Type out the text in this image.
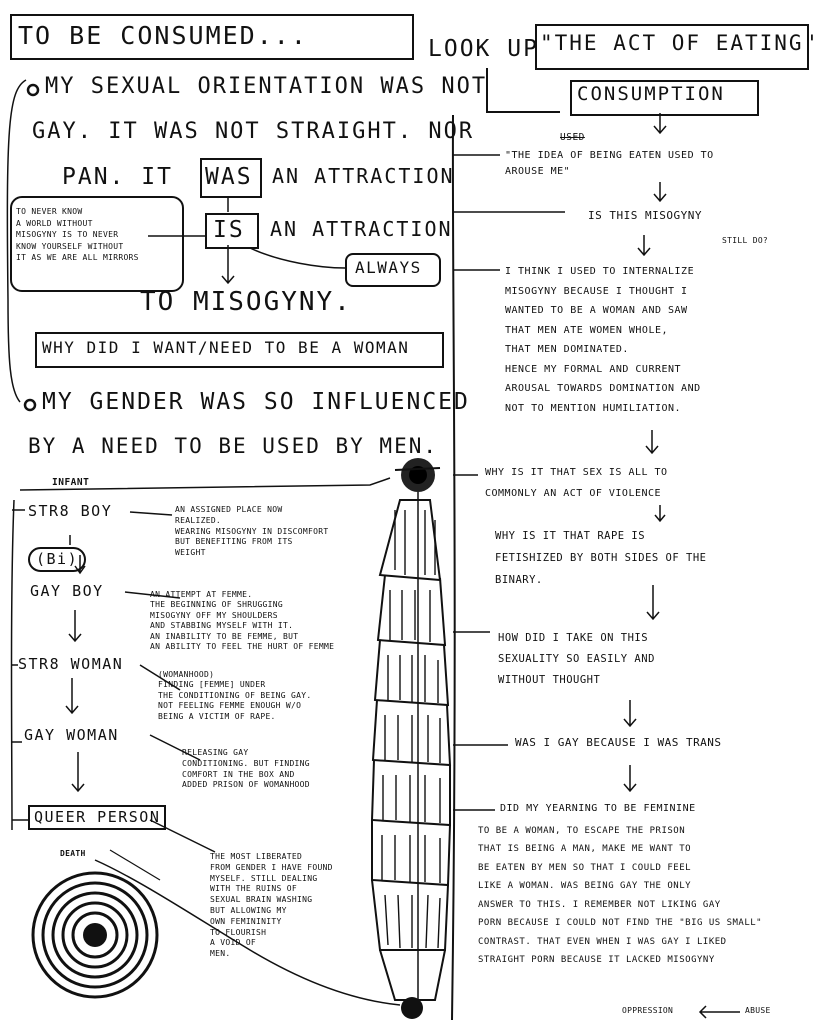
TO BE CONSUMED...	LOOK UP "THE ACT OF EATING"
CONSUMPTION
MY SEXUAL ORIENTATION WAS NOT
GAY. IT WAS NOT STRAIGHT. NOR
PAN. IT WAS AN ATTRACTION
IS AN ATTRACTION
ALWAYS
TO MISOGYNY.
TO NEVER KNOW
A WORLD WITHOUT
MISOGYNY IS TO NEVER
KNOW YOURSELF WITHOUT
IT AS WE ARE ALL MIRRORS
WHY DID I WANT/NEED TO BE A WOMAN
MY GENDER WAS SO INFLUENCED
BY A NEED TO BE USED BY MEN.
INFANT
STR8 BOY
(Bi)
GAY BOY
STR8 WOMAN
GAY WOMAN
QUEER PERSON
DEATH
AN ASSIGNED PLACE NOW
REALIZED.
WEARING MISOGYNY IN DISCOMFORT
BUT BENEFITING FROM ITS
WEIGHT
AN ATTEMPT AT FEMME.
THE BEGINNING OF SHRUGGING
MISOGYNY OFF MY SHOULDERS
AND STABBING MYSELF WITH IT.
AN INABILITY TO BE FEMME, BUT
AN ABILITY TO FEEL THE HURT OF FEMME
(WOMANHOOD)
FINDING [FEMME] UNDER
THE CONDITIONING OF BEING GAY.
NOT FEELING FEMME ENOUGH W/O
BEING A VICTIM OF RAPE.
RELEASING GAY
CONDITIONING. BUT FINDING
COMFORT IN THE BOX AND
ADDED PRISON OF WOMANHOOD
THE MOST LIBERATED
FROM GENDER I HAVE FOUND
MYSELF. STILL DEALING
WITH THE RUINS OF
SEXUAL BRAIN WASHING
BUT ALLOWING MY
OWN FEMININITY
TO FLOURISH
A VOID OF
MEN.
USED
"THE IDEA OF BEING EATEN USED TO
AROUSE ME"
IS THIS MISOGYNY
STILL DO?
I THINK I USED TO INTERNALIZE
MISOGYNY BECAUSE I THOUGHT I
WANTED TO BE A WOMAN AND SAW
THAT MEN ATE WOMEN WHOLE,
THAT MEN DOMINATED.
HENCE MY FORMAL AND CURRENT
AROUSAL TOWARDS DOMINATION AND
NOT TO MENTION HUMILIATION.
WHY IS IT THAT SEX IS ALL TO
COMMONLY AN ACT OF VIOLENCE
WHY IS IT THAT RAPE IS
FETISHIZED BY BOTH SIDES OF THE
BINARY.
HOW DID I TAKE ON THIS
SEXUALITY SO EASILY AND
WITHOUT THOUGHT
WAS I GAY BECAUSE I WAS TRANS
DID MY YEARNING TO BE FEMININE
TO BE A WOMAN, TO ESCAPE THE PRISON
THAT IS BEING A MAN, MAKE ME WANT TO
BE EATEN BY MEN SO THAT I COULD FEEL
LIKE A WOMAN. WAS BEING GAY THE ONLY
ANSWER TO THIS. I REMEMBER NOT LIKING GAY
PORN BECAUSE I COULD NOT FIND THE "BIG US SMALL"
CONTRAST. THAT EVEN WHEN I WAS GAY I LIKED
STRAIGHT PORN BECAUSE IT LACKED MISOGYNY
OPPRESSION	ABUSE
